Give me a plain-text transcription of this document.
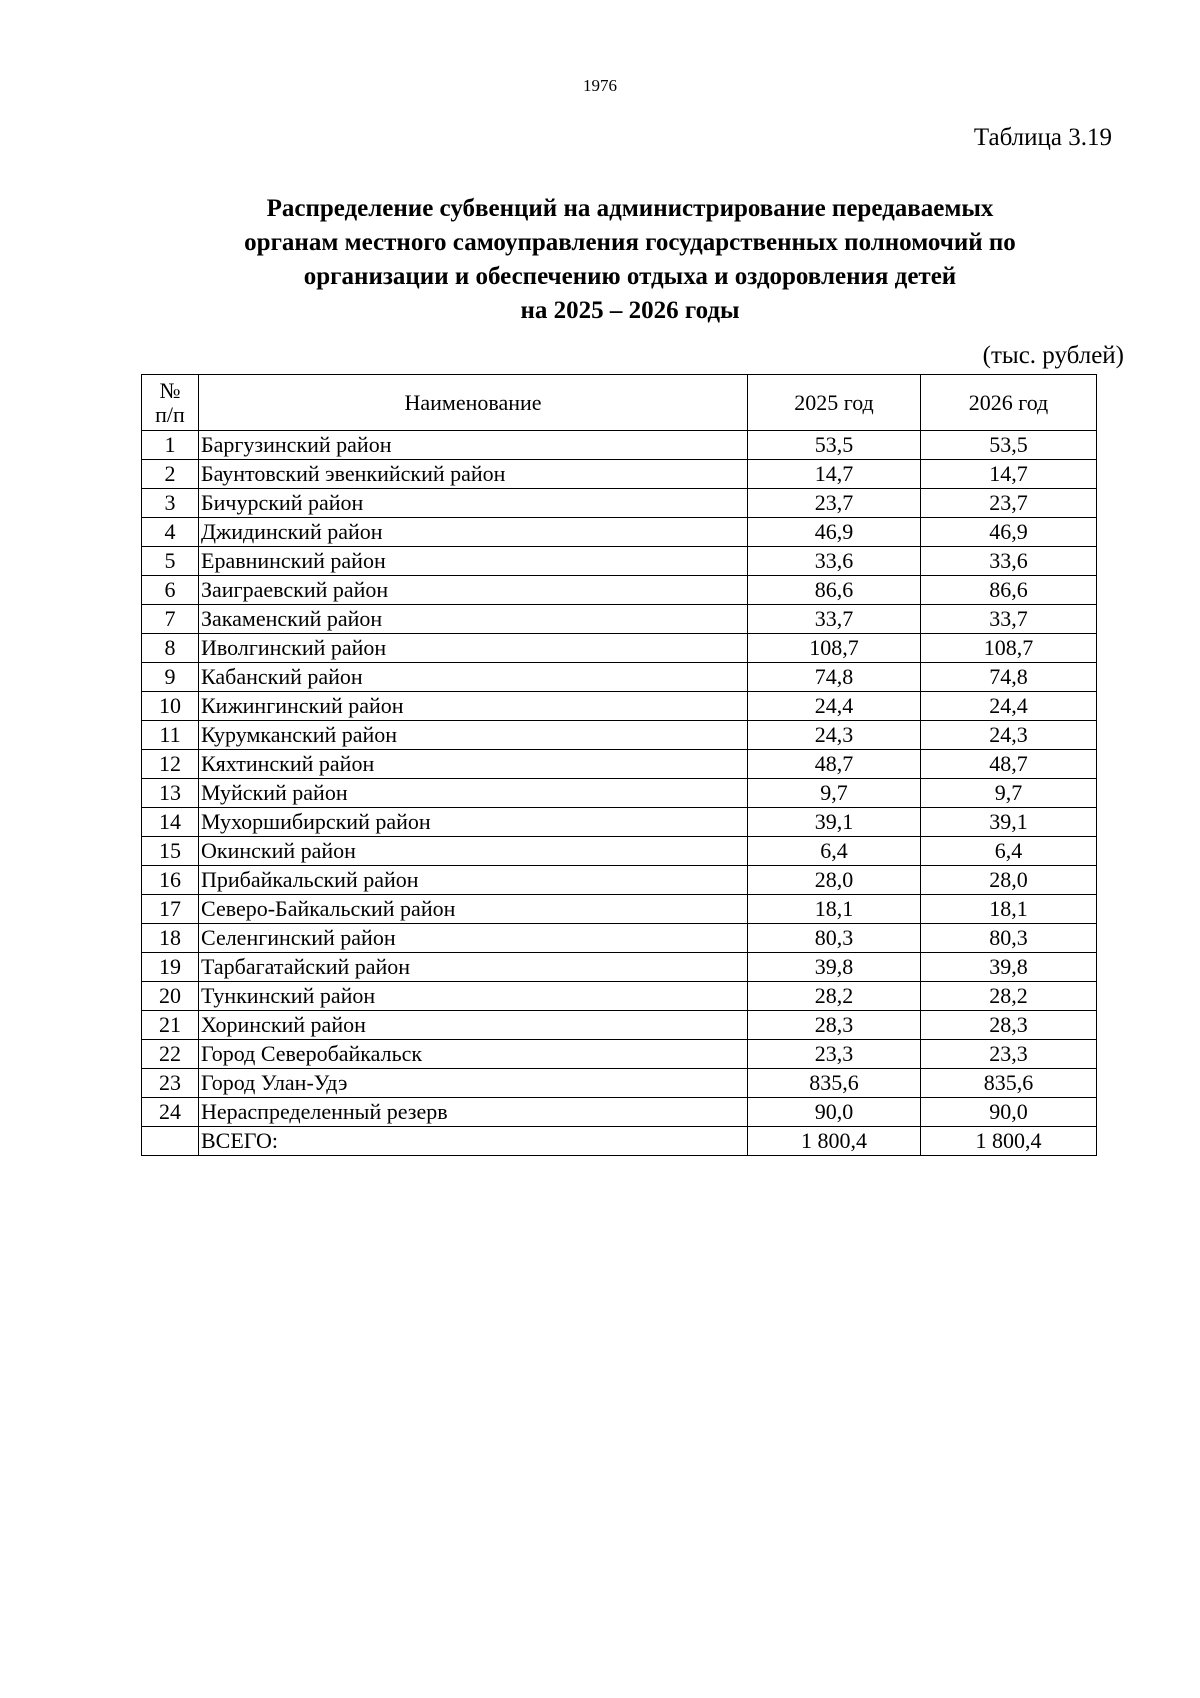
1976
Таблица 3.19
Распределение субвенций на администрирование передаваемых
органам местного самоуправления государственных полномочий по
организации и обеспечению отдыха и оздоровления детей
на 2025 – 2026 годы
(тыс. рублей)
№
п/п	Наименование	2025 год	2026 год
1	Баргузинский район	53,5	53,5
2	Баунтовский эвенкийский район	14,7	14,7
3	Бичурский район	23,7	23,7
4	Джидинский район	46,9	46,9
5	Еравнинский район	33,6	33,6
6	Заиграевский район	86,6	86,6
7	Закаменский район	33,7	33,7
8	Иволгинский район	108,7	108,7
9	Кабанский район	74,8	74,8
10	Кижингинский район	24,4	24,4
11	Курумканский район	24,3	24,3
12	Кяхтинский район	48,7	48,7
13	Муйский район	9,7	9,7
14	Мухоршибирский район	39,1	39,1
15	Окинский район	6,4	6,4
16	Прибайкальский район	28,0	28,0
17	Северо-Байкальский район	18,1	18,1
18	Селенгинский район	80,3	80,3
19	Тарбагатайский район	39,8	39,8
20	Тункинский район	28,2	28,2
21	Хоринский район	28,3	28,3
22	Город Северобайкальск	23,3	23,3
23	Город Улан-Удэ	835,6	835,6
24	Нераспределенный резерв	90,0	90,0
	ВСЕГО:	1 800,4	1 800,4
